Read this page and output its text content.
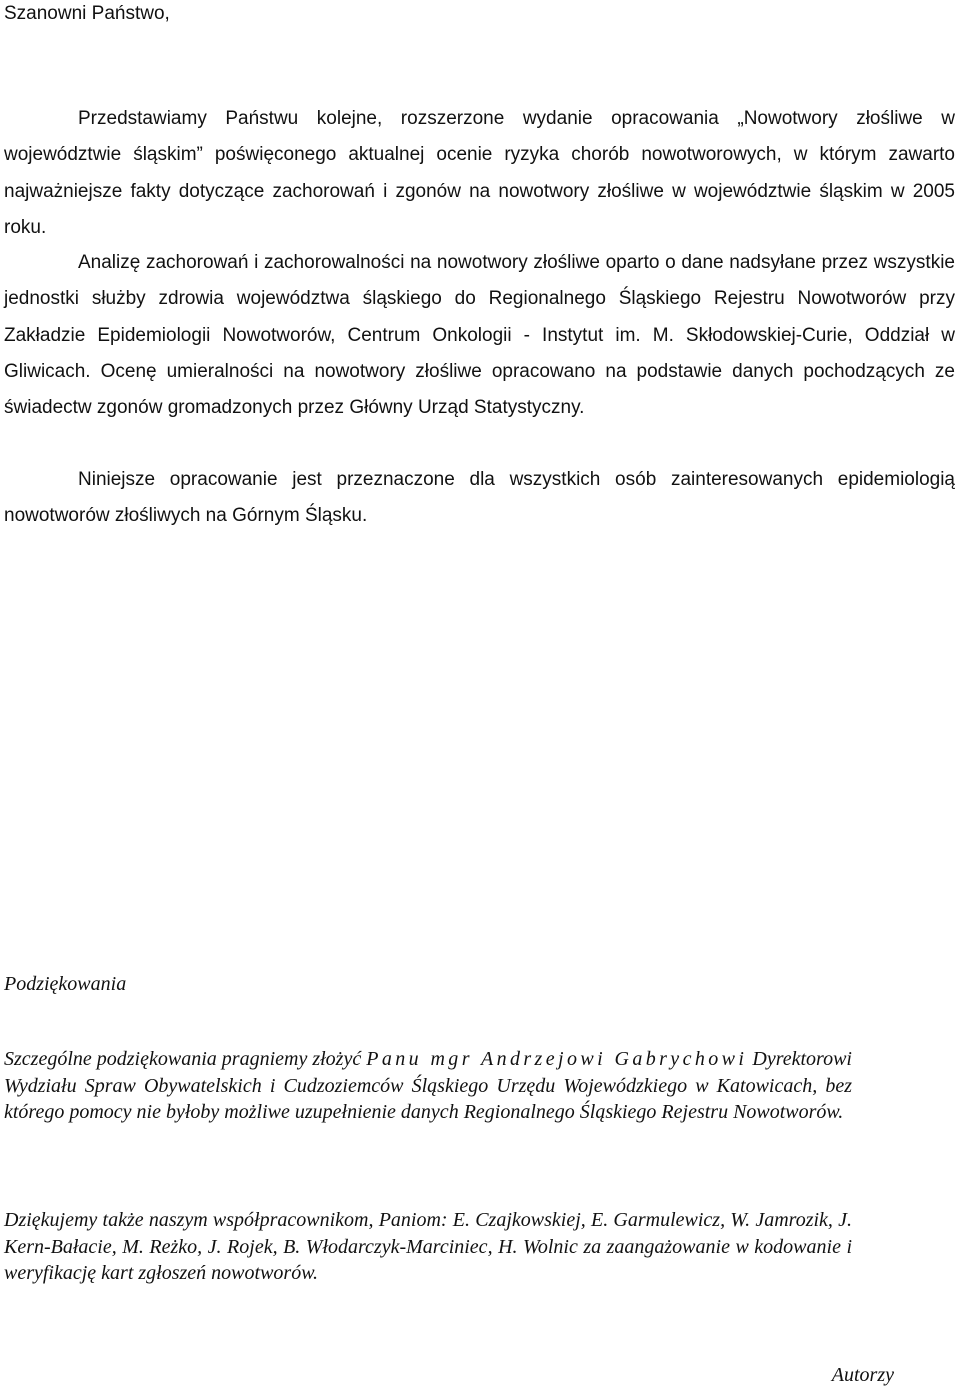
Szanowni Państwo,

Przedstawiamy Państwu kolejne, rozszerzone wydanie opracowania „Nowotwory złośliwe w województwie śląskim” poświęconego aktualnej ocenie ryzyka chorób nowotworowych, w którym zawarto najważniejsze fakty dotyczące zachorowań i zgonów na nowotwory złośliwe w województwie śląskim w 2005 roku.

Analizę zachorowań i zachorowalności na nowotwory złośliwe oparto o dane nadsyłane przez wszystkie jednostki służby zdrowia województwa śląskiego do Regionalnego Śląskiego Rejestru Nowotworów przy Zakładzie Epidemiologii Nowotworów, Centrum Onkologii - Instytut im. M. Skłodowskiej-Curie, Oddział w Gliwicach. Ocenę umieralności na nowotwory złośliwe opracowano na podstawie danych pochodzących ze świadectw zgonów gromadzonych przez Główny Urząd Statystyczny.

Niniejsze opracowanie jest przeznaczone dla wszystkich osób zainteresowanych epidemiologią nowotworów złośliwych na Górnym Śląsku.

Podziękowania

Szczególne podziękowania pragniemy złożyć Panu mgr Andrzejowi Gabrychowi Dyrektorowi Wydziału Spraw Obywatelskich i Cudzoziemców Śląskiego Urzędu Wojewódzkiego w Katowicach, bez którego pomocy nie byłoby możliwe uzupełnienie danych Regionalnego Śląskiego Rejestru Nowotworów.

Dziękujemy także naszym współpracownikom, Paniom: E. Czajkowskiej, E. Garmulewicz, W. Jamrozik, J. Kern-Bałacie, M. Reżko, J. Rojek, B. Włodarczyk-Marciniec, H. Wolnic za zaangażowanie w kodowanie i weryfikację kart zgłoszeń nowotworów.

Autorzy
